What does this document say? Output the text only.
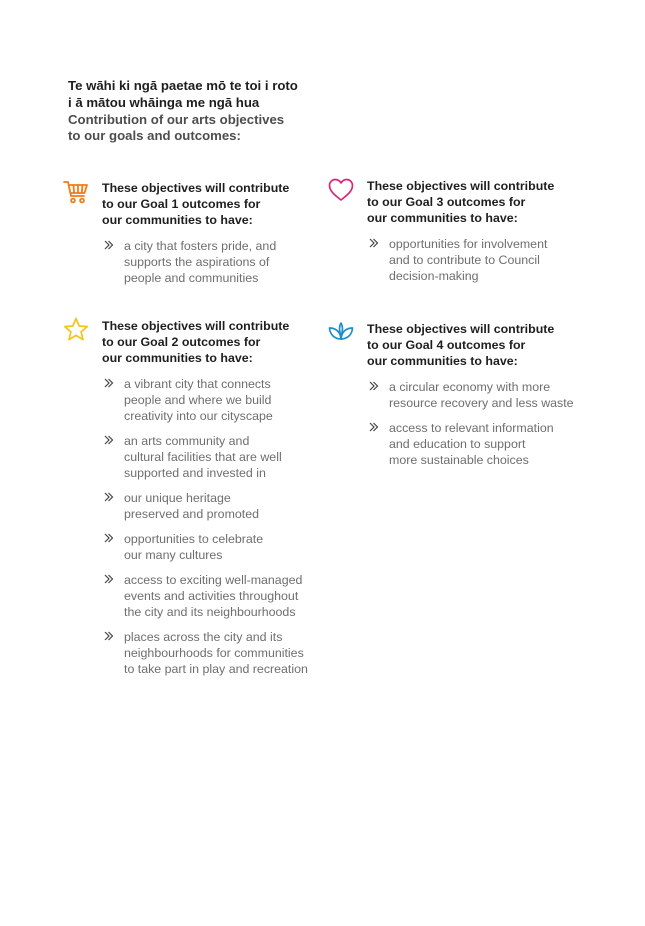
Te wāhi ki ngā paetae mō te toi i roto
i ā mātou whāinga me ngā hua
Contribution of our arts objectives
to our goals and outcomes:

These objectives will contribute
to our Goal 1 outcomes for
our communities to have:

a city that fosters pride, and
supports the aspirations of
people and communities

These objectives will contribute
to our Goal 2 outcomes for
our communities to have:

a vibrant city that connects
people and where we build
creativity into our cityscape
an arts community and
cultural facilities that are well
supported and invested in
our unique heritage
preserved and promoted
opportunities to celebrate
our many cultures
access to exciting well-managed
events and activities throughout
the city and its neighbourhoods
places across the city and its
neighbourhoods for communities
to take part in play and recreation

These objectives will contribute
to our Goal 3 outcomes for
our communities to have:

opportunities for involvement
and to contribute to Council
decision-making

These objectives will contribute
to our Goal 4 outcomes for
our communities to have:

a circular economy with more
resource recovery and less waste
access to relevant information
and education to support
more sustainable choices
